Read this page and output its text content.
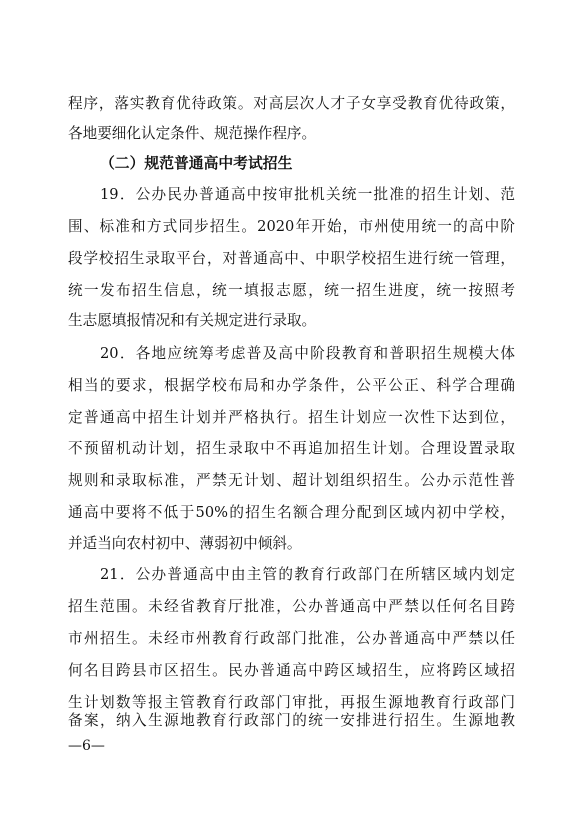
程序，落实教育优待政策。对高层次人才子女享受教育优待政策，
各地要细化认定条件、规范操作程序。
（二）规范普通高中考试招生
19．公办民办普通高中按审批机关统一批准的招生计划、范
围、标准和方式同步招生。2020年开始，市州使用统一的高中阶
段学校招生录取平台，对普通高中、中职学校招生进行统一管理，
统一发布招生信息，统一填报志愿，统一招生进度，统一按照考
生志愿填报情况和有关规定进行录取。
20．各地应统筹考虑普及高中阶段教育和普职招生规模大体
相当的要求，根据学校布局和办学条件，公平公正、科学合理确
定普通高中招生计划并严格执行。招生计划应一次性下达到位，
不预留机动计划，招生录取中不再追加招生计划。合理设置录取
规则和录取标准，严禁无计划、超计划组织招生。公办示范性普
通高中要将不低于50%的招生名额合理分配到区域内初中学校，
并适当向农村初中、薄弱初中倾斜。
21．公办普通高中由主管的教育行政部门在所辖区域内划定
招生范围。未经省教育厅批准，公办普通高中严禁以任何名目跨
市州招生。未经市州教育行政部门批准，公办普通高中严禁以任
何名目跨县市区招生。民办普通高中跨区域招生，应将跨区域招
生计划数等报主管教育行政部门审批，再报生源地教育行政部门
备案，纳入生源地教育行政部门的统一安排进行招生。生源地教
—6—
